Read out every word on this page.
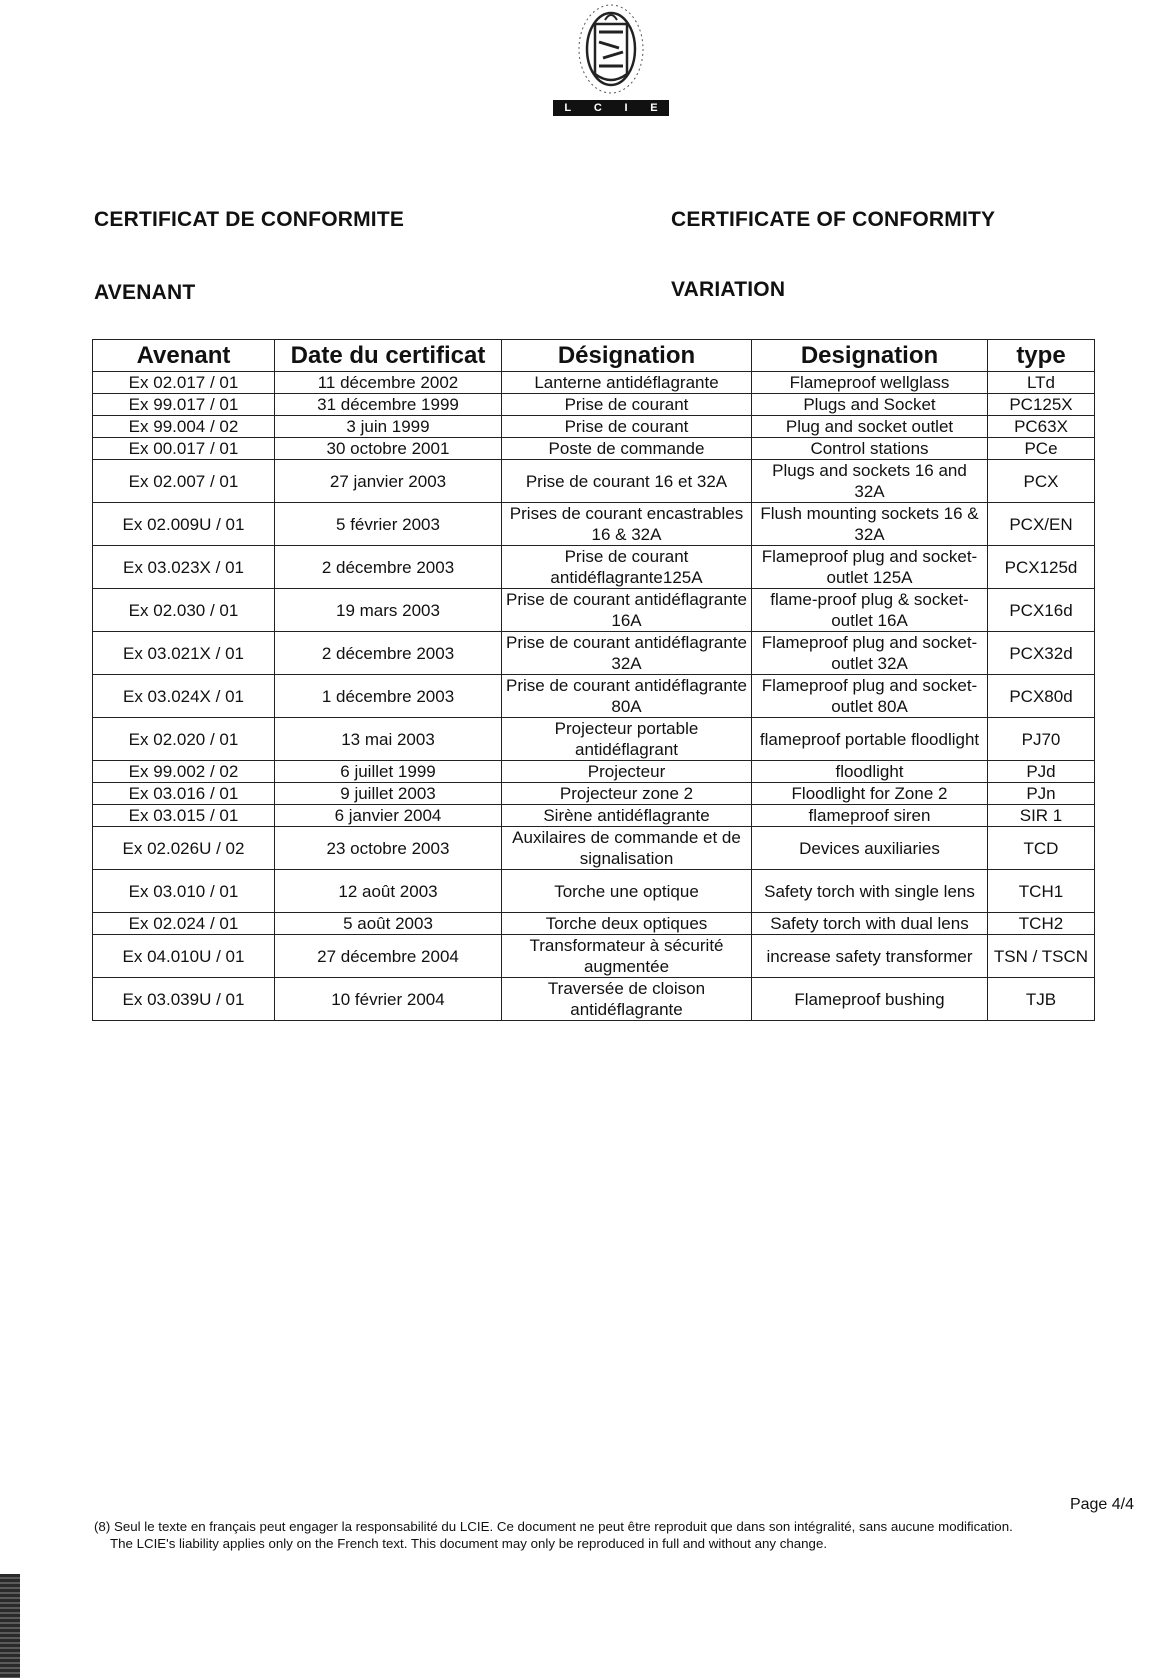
L C I E
CERTIFICAT DE CONFORMITE	CERTIFICATE OF CONFORMITY
AVENANT	VARIATION
Avenant	Date du certificat	Désignation	Designation	type
Ex 02.017 / 01	11 décembre 2002	Lanterne antidéflagrante	Flameproof wellglass	LTd
Ex 99.017 / 01	31 décembre 1999	Prise de courant	Plugs and Socket	PC125X
Ex 99.004 / 02	3 juin 1999	Prise de courant	Plug and socket outlet	PC63X
Ex 00.017 / 01	30 octobre 2001	Poste de commande	Control stations	PCe
Ex 02.007 / 01	27 janvier 2003	Prise de courant 16 et 32A	Plugs and sockets 16 and 32A	PCX
Ex 02.009U / 01	5 février 2003	Prises de courant encastrables 16 & 32A	Flush mounting sockets 16 & 32A	PCX/EN
Ex 03.023X / 01	2 décembre 2003	Prise de courant antidéflagrante125A	Flameproof plug and socket-outlet 125A	PCX125d
Ex 02.030 / 01	19 mars 2003	Prise de courant antidéflagrante 16A	flame-proof plug & socket-outlet 16A	PCX16d
Ex 03.021X / 01	2 décembre 2003	Prise de courant antidéflagrante 32A	Flameproof plug and socket-outlet 32A	PCX32d
Ex 03.024X / 01	1 décembre 2003	Prise de courant antidéflagrante 80A	Flameproof plug and socket-outlet 80A	PCX80d
Ex 02.020 / 01	13 mai 2003	Projecteur portable antidéflagrant	flameproof portable floodlight	PJ70
Ex 99.002 / 02	6 juillet 1999	Projecteur	floodlight	PJd
Ex 03.016 / 01	9 juillet 2003	Projecteur zone 2	Floodlight for Zone 2	PJn
Ex 03.015 / 01	6 janvier 2004	Sirène antidéflagrante	flameproof siren	SIR 1
Ex 02.026U / 02	23 octobre 2003	Auxilaires de commande et de signalisation	Devices auxiliaries	TCD
Ex 03.010 / 01	12 août 2003	Torche une optique	Safety torch with single lens	TCH1
Ex 02.024 / 01	5 août 2003	Torche deux optiques	Safety torch with dual lens	TCH2
Ex 04.010U / 01	27 décembre 2004	Transformateur à sécurité augmentée	increase safety transformer	TSN / TSCN
Ex 03.039U / 01	10 février 2004	Traversée de cloison antidéflagrante	Flameproof bushing	TJB
Page 4/4
(8) Seul le texte en français peut engager la responsabilité du LCIE. Ce document ne peut être reproduit que dans son intégralité, sans aucune modification.
The LCIE's liability applies only on the French text. This document may only be reproduced in full and without any change.
